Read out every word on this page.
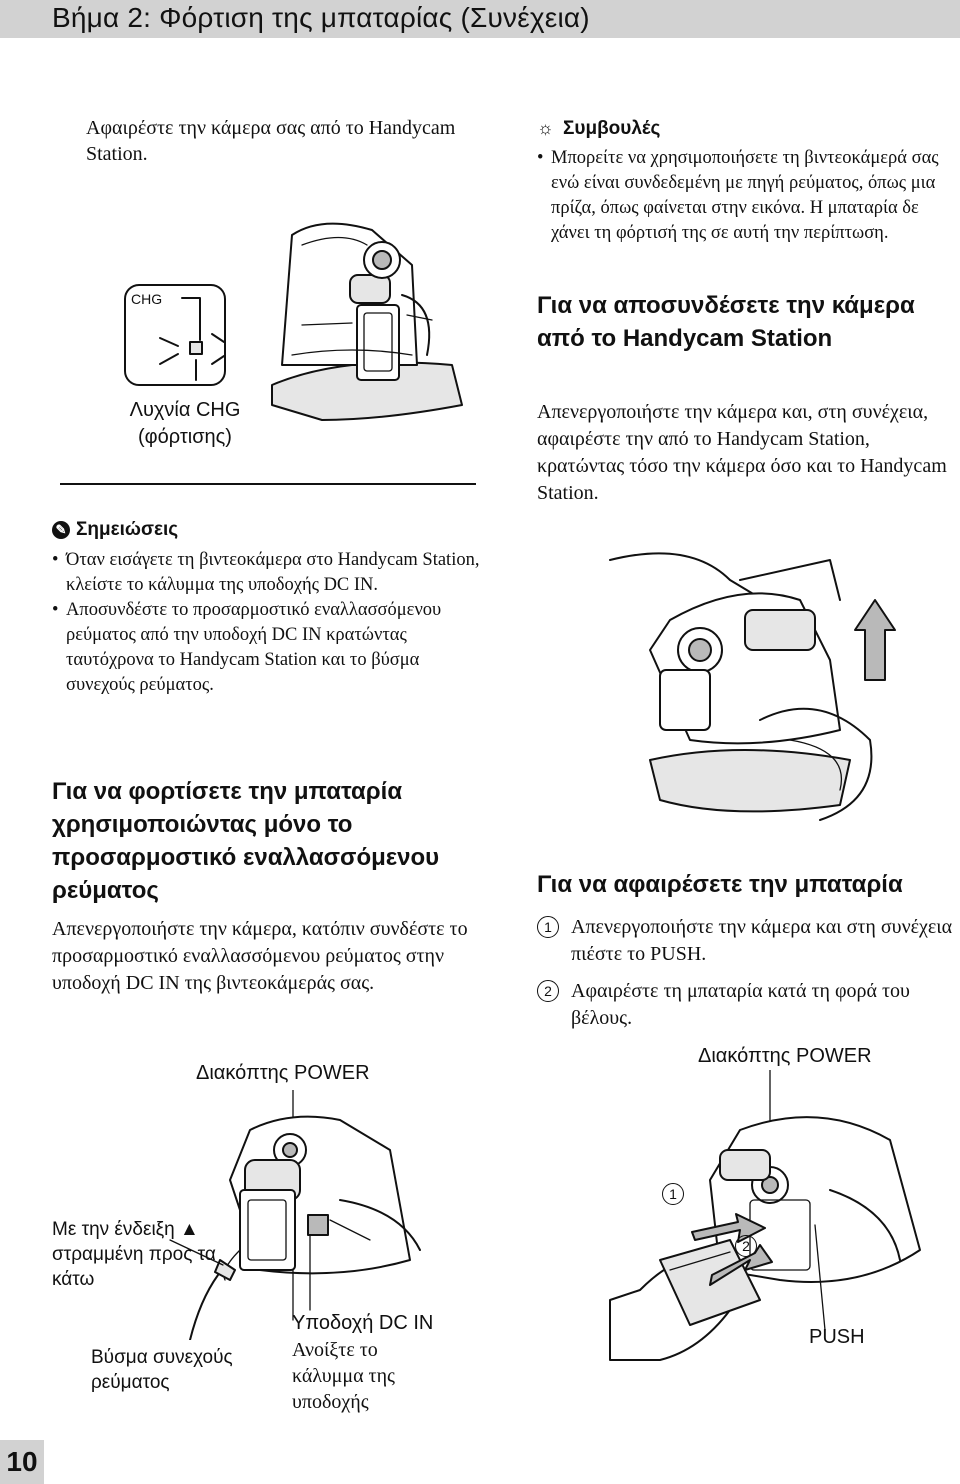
Βήμα 2: Φόρτιση της μπαταρίας (Συνέχεια)
Αφαιρέστε την κάμερα σας από το Handycam Station.
CHG
Λυχνία CHG (φόρτισης)
✎ Σημειώσεις
• Όταν εισάγετε τη βιντεοκάμερα στο Handycam Station, κλείστε το κάλυμμα της υποδοχής DC IN.
• Αποσυνδέστε το προσαρμοστικό εναλλασσόμενου ρεύματος από την υποδοχή DC IN κρατώντας ταυτόχρονα το Handycam Station και το βύσμα συνεχούς ρεύματος.
Για να φορτίσετε την μπαταρία χρησιμοποιώντας μόνο το προσαρμοστικό εναλλασσόμενου ρεύματος
Απενεργοποιήστε την κάμερα, κατόπιν συνδέστε το προσαρμοστικό εναλλασσόμενου ρεύματος στην υποδοχή DC IN της βιντεοκάμεράς σας.
Διακόπτης POWER
Με την ένδειξη ▲ στραμμένη προς τα κάτω
Βύσμα συνεχούς ρεύματος
Υποδοχή DC IN
Ανοίξτε το κάλυμμα της υποδοχής
☼ Συμβουλές
• Μπορείτε να χρησιμοποιήσετε τη βιντεοκάμερά σας ενώ είναι συνδεδεμένη με πηγή ρεύματος, όπως μια πρίζα, όπως φαίνεται στην εικόνα. Η μπαταρία δε χάνει τη φόρτισή της σε αυτή την περίπτωση.
Για να αποσυνδέσετε την κάμερα από το Handycam Station
Απενεργοποιήστε την κάμερα και, στη συνέχεια, αφαιρέστε την από το Handycam Station, κρατώντας τόσο την κάμερα όσο και το Handycam Station.
Για να αφαιρέσετε την μπαταρία
1 Απενεργοποιήστε την κάμερα και στη συνέχεια πιέστε το PUSH.
2 Αφαιρέστε τη μπαταρία κατά τη φορά του βέλους.
Διακόπτης POWER
1
2
PUSH
10
